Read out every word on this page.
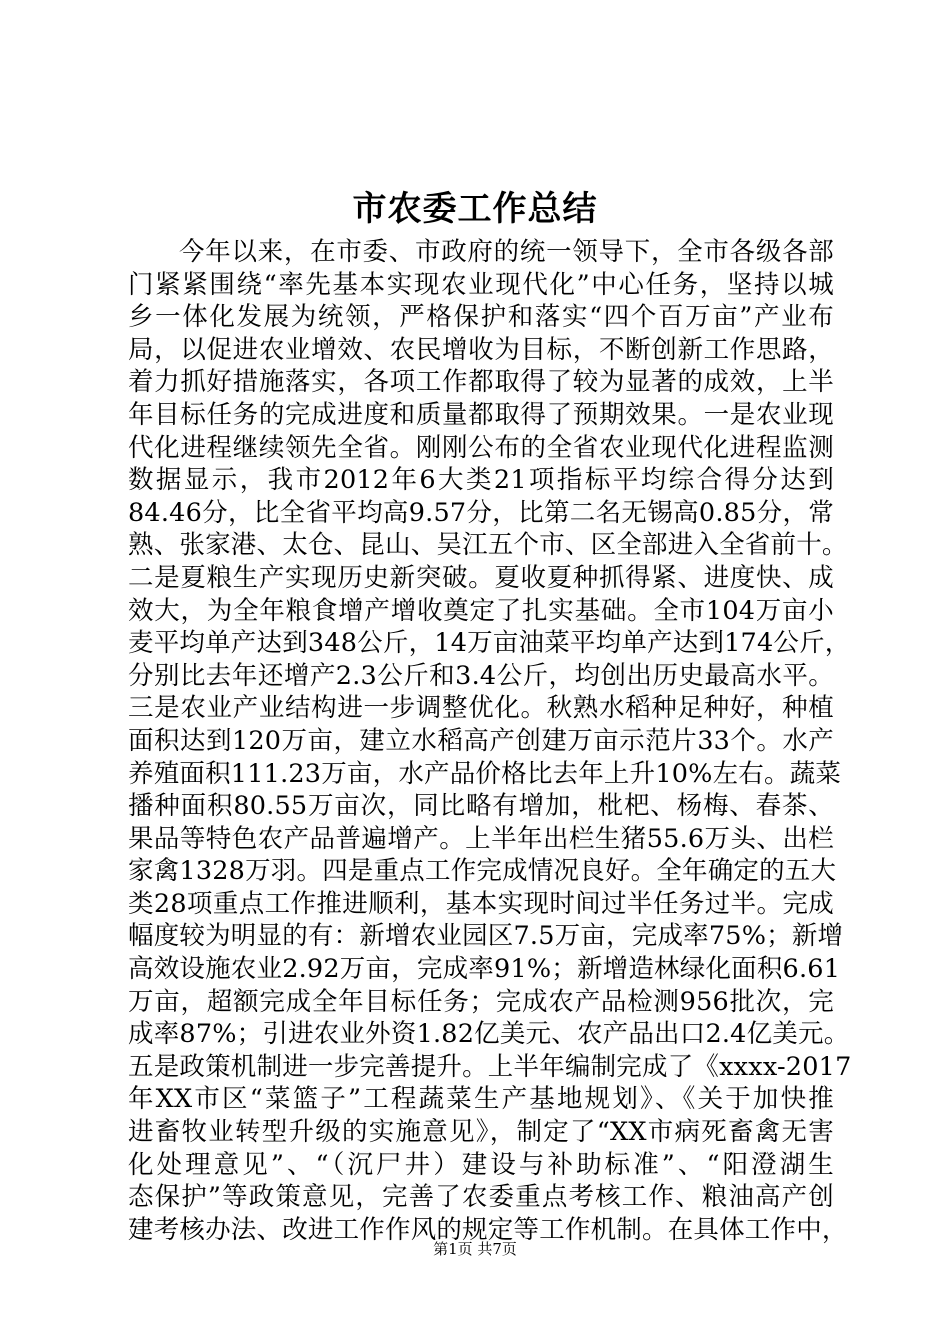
市农委工作总结
今年以来，在市委、市政府的统一领导下，全市各级各部
门紧紧围绕“率先基本实现农业现代化”中心任务，坚持以城
乡一体化发展为统领，严格保护和落实“四个百万亩”产业布
局，以促进农业增效、农民增收为目标，不断创新工作思路，
着力抓好措施落实，各项工作都取得了较为显著的成效，上半
年目标任务的完成进度和质量都取得了预期效果。一是农业现
代化进程继续领先全省。刚刚公布的全省农业现代化进程监测
数据显示，我市2012年6大类21项指标平均综合得分达到
84.46分，比全省平均高9.57分，比第二名无锡高0.85分，常
熟、张家港、太仓、昆山、吴江五个市、区全部进入全省前十。
二是夏粮生产实现历史新突破。夏收夏种抓得紧、进度快、成
效大，为全年粮食增产增收奠定了扎实基础。全市104万亩小
麦平均单产达到348公斤，14万亩油菜平均单产达到174公斤，
分别比去年还增产2.3公斤和3.4公斤，均创出历史最高水平。
三是农业产业结构进一步调整优化。秋熟水稻种足种好，种植
面积达到120万亩，建立水稻高产创建万亩示范片33个。水产
养殖面积111.23万亩，水产品价格比去年上升10%左右。蔬菜
播种面积80.55万亩次，同比略有增加，枇杷、杨梅、春茶、
果品等特色农产品普遍增产。上半年出栏生猪55.6万头、出栏
家禽1328万羽。四是重点工作完成情况良好。全年确定的五大
类28项重点工作推进顺利，基本实现时间过半任务过半。完成
幅度较为明显的有：新增农业园区7.5万亩，完成率75%；新增
高效设施农业2.92万亩，完成率91%；新增造林绿化面积6.61
万亩，超额完成全年目标任务；完成农产品检测956批次，完
成率87%；引进农业外资1.82亿美元、农产品出口2.4亿美元。
五是政策机制进一步完善提升。上半年编制完成了《xxxx-2017
年XX市区“菜篮子”工程蔬菜生产基地规划》、《关于加快推
进畜牧业转型升级的实施意见》，制定了“XX市病死畜禽无害
化处理意见”、“（沉尸井）建设与补助标准”、“阳澄湖生
态保护”等政策意见，完善了农委重点考核工作、粮油高产创
建考核办法、改进工作作风的规定等工作机制。在具体工作中，
第1页 共7页
